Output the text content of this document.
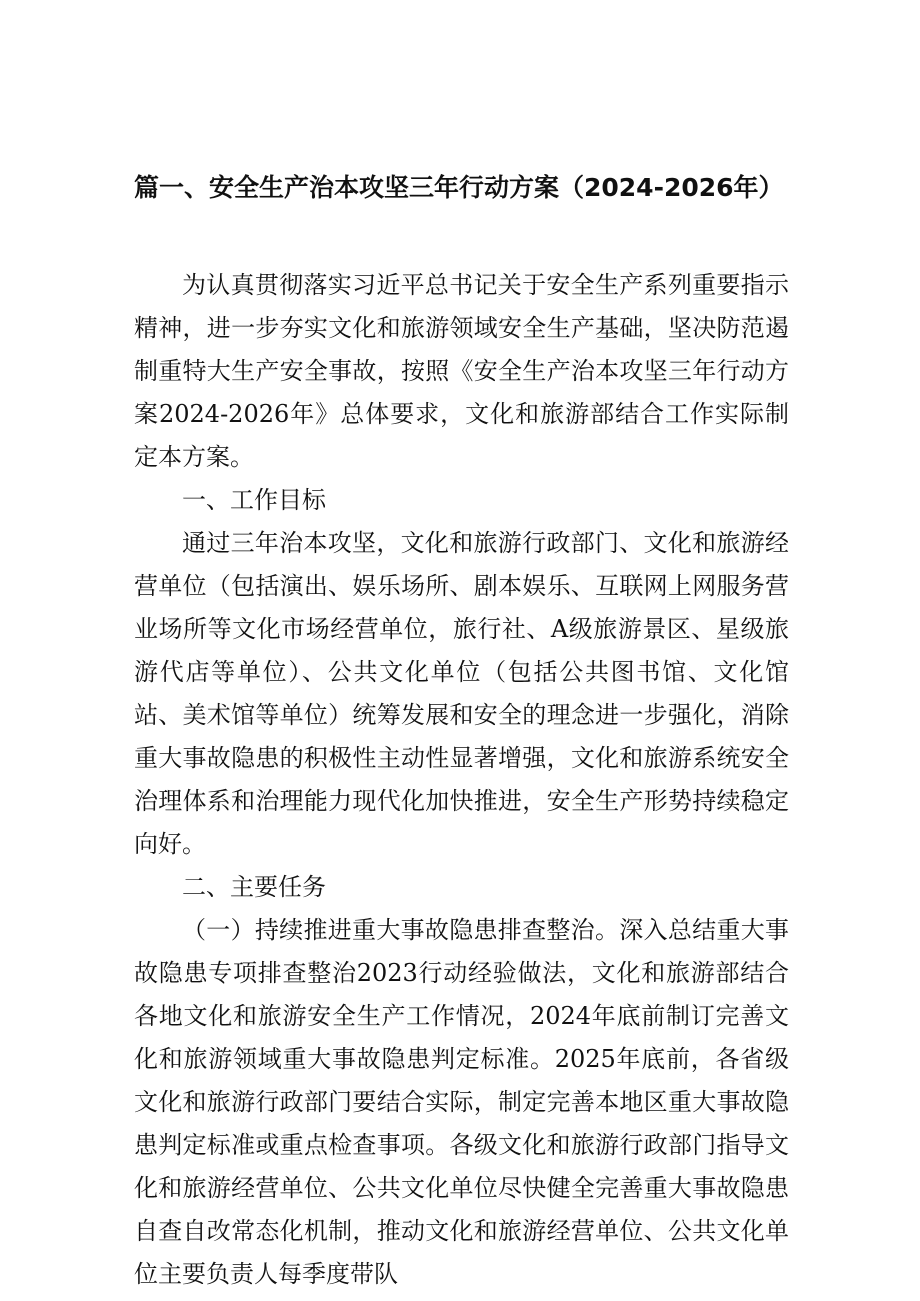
篇一、安全生产治本攻坚三年行动方案（2024-2026年）

为认真贯彻落实习近平总书记关于安全生产系列重要指示精神，进一步夯实文化和旅游领域安全生产基础，坚决防范遏制重特大生产安全事故，按照《安全生产治本攻坚三年行动方案2024-2026年》总体要求，文化和旅游部结合工作实际制定本方案。

一、工作目标

通过三年治本攻坚，文化和旅游行政部门、文化和旅游经营单位（包括演出、娱乐场所、剧本娱乐、互联网上网服务营业场所等文化市场经营单位，旅行社、A级旅游景区、星级旅游代店等单位）、公共文化单位（包括公共图书馆、文化馆站、美术馆等单位）统筹发展和安全的理念进一步强化，消除重大事故隐患的积极性主动性显著增强，文化和旅游系统安全治理体系和治理能力现代化加快推进，安全生产形势持续稳定向好。

二、主要任务

（一）持续推进重大事故隐患排查整治。深入总结重大事故隐患专项排查整治2023行动经验做法，文化和旅游部结合各地文化和旅游安全生产工作情况，2024年底前制订完善文化和旅游领域重大事故隐患判定标准。2025年底前，各省级文化和旅游行政部门要结合实际，制定完善本地区重大事故隐患判定标准或重点检查事项。各级文化和旅游行政部门指导文化和旅游经营单位、公共文化单位尽快健全完善重大事故隐患自查自改常态化机制，推动文化和旅游经营单位、公共文化单位主要负责人每季度带队
